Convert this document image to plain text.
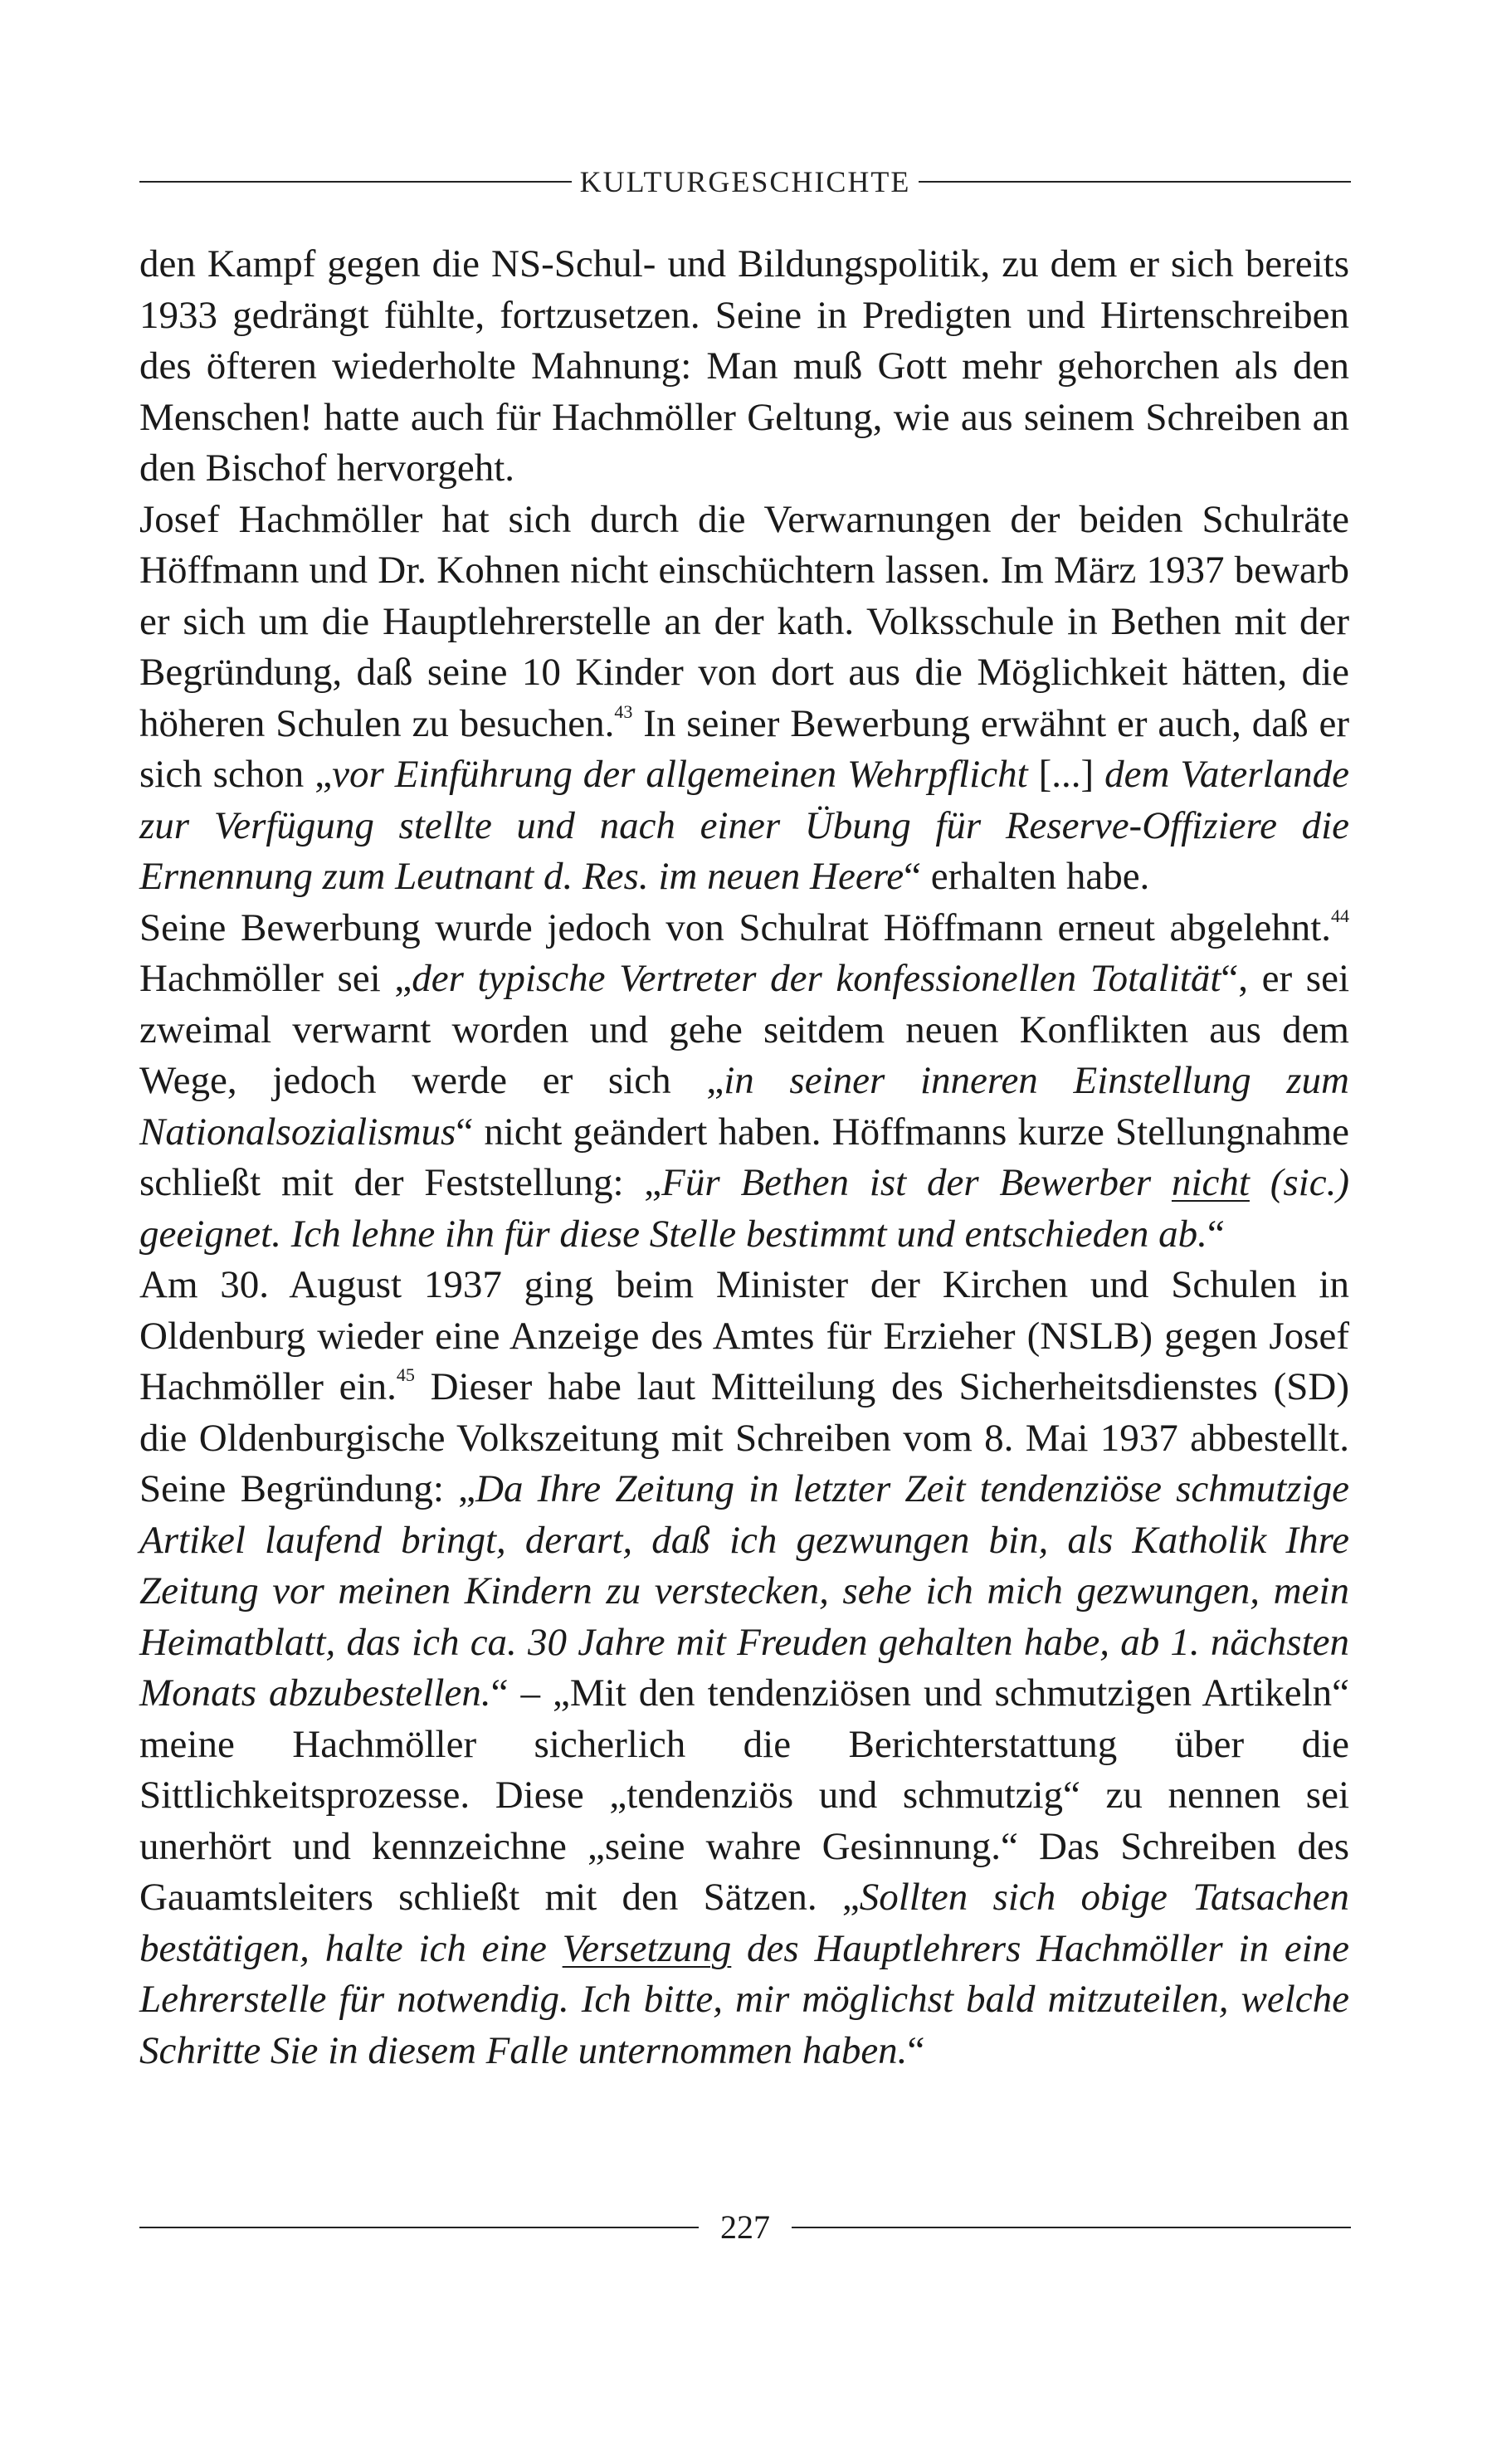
KULTURGESCHICHTE

den Kampf gegen die NS-Schul- und Bildungspolitik, zu dem er sich bereits 1933 gedrängt fühlte, fortzusetzen. Seine in Predigten und Hirtenschreiben des öfteren wiederholte Mahnung: Man muß Gott mehr gehorchen als den Menschen! hatte auch für Hachmöller Geltung, wie aus seinem Schreiben an den Bischof hervorgeht.

Josef Hachmöller hat sich durch die Verwarnungen der beiden Schulräte Höffmann und Dr. Kohnen nicht einschüchtern lassen. Im März 1937 bewarb er sich um die Hauptlehrerstelle an der kath. Volksschule in Bethen mit der Begründung, daß seine 10 Kinder von dort aus die Möglichkeit hätten, die höheren Schulen zu besuchen.$^{43}$ In seiner Bewerbung erwähnt er auch, daß er sich schon „vor Einführung der allgemeinen Wehrpflicht [...] dem Vaterlande zur Verfügung stellte und nach einer Übung für Reserve-Offiziere die Ernennung zum Leutnant d. Res. im neuen Heere“ erhalten habe.

Seine Bewerbung wurde jedoch von Schulrat Höffmann erneut abgelehnt.$^{44}$ Hachmöller sei „der typische Vertreter der konfessionellen Totalität“, er sei zweimal verwarnt worden und gehe seitdem neuen Konflikten aus dem Wege, jedoch werde er sich „in seiner inneren Einstellung zum Nationalsozialismus“ nicht geändert haben. Höffmanns kurze Stellungnahme schließt mit der Feststellung: „Für Bethen ist der Bewerber nicht (sic.) geeignet. Ich lehne ihn für diese Stelle bestimmt und entschieden ab.“

Am 30. August 1937 ging beim Minister der Kirchen und Schulen in Oldenburg wieder eine Anzeige des Amtes für Erzieher (NSLB) gegen Josef Hachmöller ein.$^{45}$ Dieser habe laut Mitteilung des Sicherheitsdienstes (SD) die Oldenburgische Volkszeitung mit Schreiben vom 8. Mai 1937 abbestellt. Seine Begründung: „Da Ihre Zeitung in letzter Zeit tendenziöse schmutzige Artikel laufend bringt, derart, daß ich gezwungen bin, als Katholik Ihre Zeitung vor meinen Kindern zu verstecken, sehe ich mich gezwungen, mein Heimatblatt, das ich ca. 30 Jahre mit Freuden gehalten habe, ab 1. nächsten Monats abzubestellen.“ – „Mit den tendenziösen und schmutzigen Artikeln“ meine Hachmöller sicherlich die Berichterstattung über die Sittlichkeitsprozesse. Diese „tendenziös und schmutzig“ zu nennen sei unerhört und kennzeichne „seine wahre Gesinnung.“ Das Schreiben des Gauamtsleiters schließt mit den Sätzen. „Sollten sich obige Tatsachen bestätigen, halte ich eine Versetzung des Hauptlehrers Hachmöller in eine Lehrerstelle für notwendig. Ich bitte, mir möglichst bald mitzuteilen, welche Schritte Sie in diesem Falle unternommen haben.“

227
